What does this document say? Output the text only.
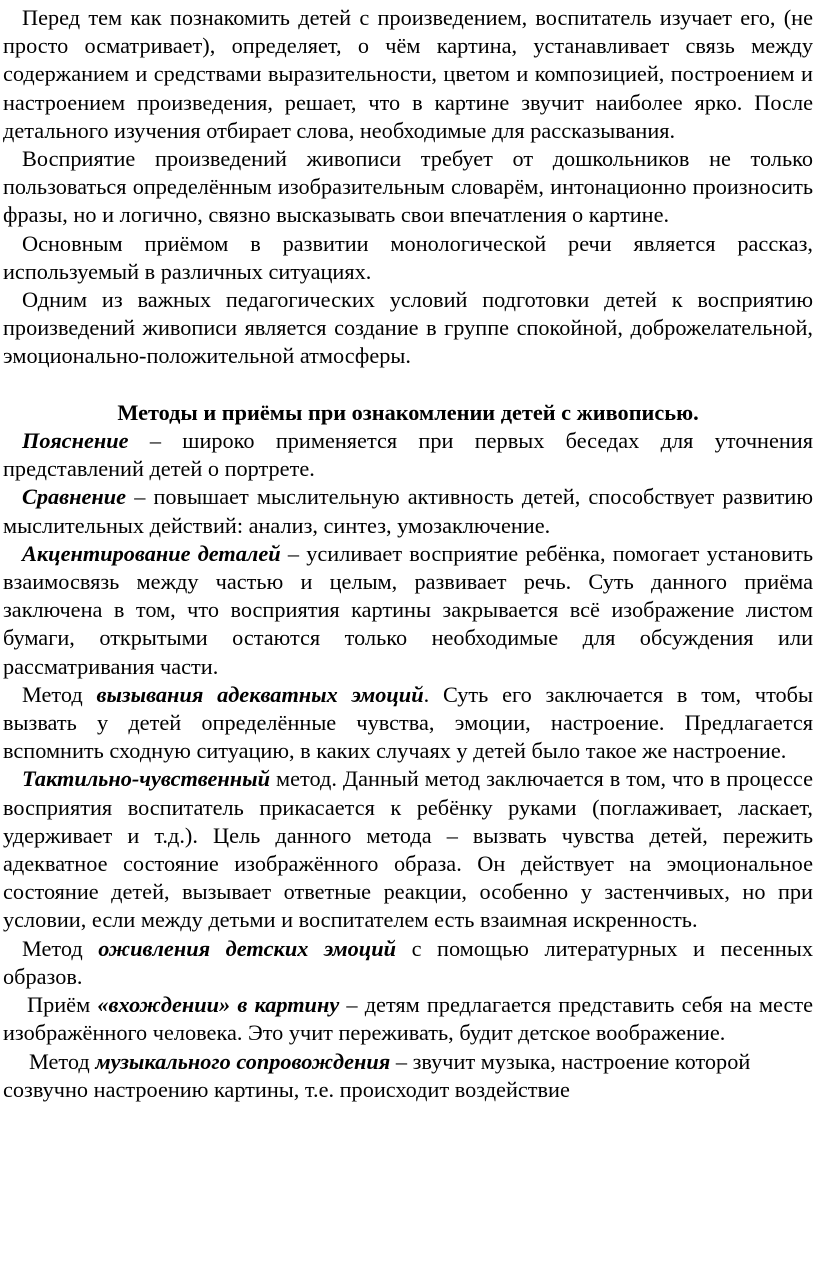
Перед тем как познакомить детей с произведением, воспитатель изучает его, (не просто осматривает), определяет, о чём картина, устанавливает связь между содержанием и средствами выразительности, цветом и композицией, построением и настроением произведения, решает, что в картине звучит наиболее ярко. После детального изучения отбирает слова, необходимые для рассказывания.

Восприятие произведений живописи требует от дошкольников не только пользоваться определённым изобразительным словарём, интонационно произносить фразы, но и логично, связно высказывать свои впечатления о картине.

Основным приёмом в развитии монологической речи является рассказ, используемый в различных ситуациях.

Одним из важных педагогических условий подготовки детей к восприятию произведений живописи является создание в группе спокойной, доброжелательной, эмоционально-положительной атмосферы.

Методы и приёмы при ознакомлении детей с живописью.

Пояснение – широко применяется при первых беседах для уточнения представлений детей о портрете.

Сравнение – повышает мыслительную активность детей, способствует развитию мыслительных действий: анализ, синтез, умозаключение.

Акцентирование деталей – усиливает восприятие ребёнка, помогает установить взаимосвязь между частью и целым, развивает речь. Суть данного приёма заключена в том, что восприятия картины закрывается всё изображение листом бумаги, открытыми остаются только необходимые для обсуждения или рассматривания части.

Метод вызывания адекватных эмоций. Суть его заключается в том, чтобы вызвать у детей определённые чувства, эмоции, настроение. Предлагается вспомнить сходную ситуацию, в каких случаях у детей было такое же настроение.

Тактильно-чувственный метод. Данный метод заключается в том, что в процессе восприятия воспитатель прикасается к ребёнку руками (поглаживает, ласкает, удерживает и т.д.). Цель данного метода – вызвать чувства детей, пережить адекватное состояние изображённого образа. Он действует на эмоциональное состояние детей, вызывает ответные реакции, особенно у застенчивых, но при условии, если между детьми и воспитателем есть взаимная искренность.

Метод оживления детских эмоций с помощью литературных и песенных образов.

Приём «вхождении» в картину – детям предлагается представить себя на месте изображённого человека. Это учит переживать, будит детское воображение.

Метод музыкального сопровождения – звучит музыка, настроение которой созвучно настроению картины, т.е. происходит воздействие
